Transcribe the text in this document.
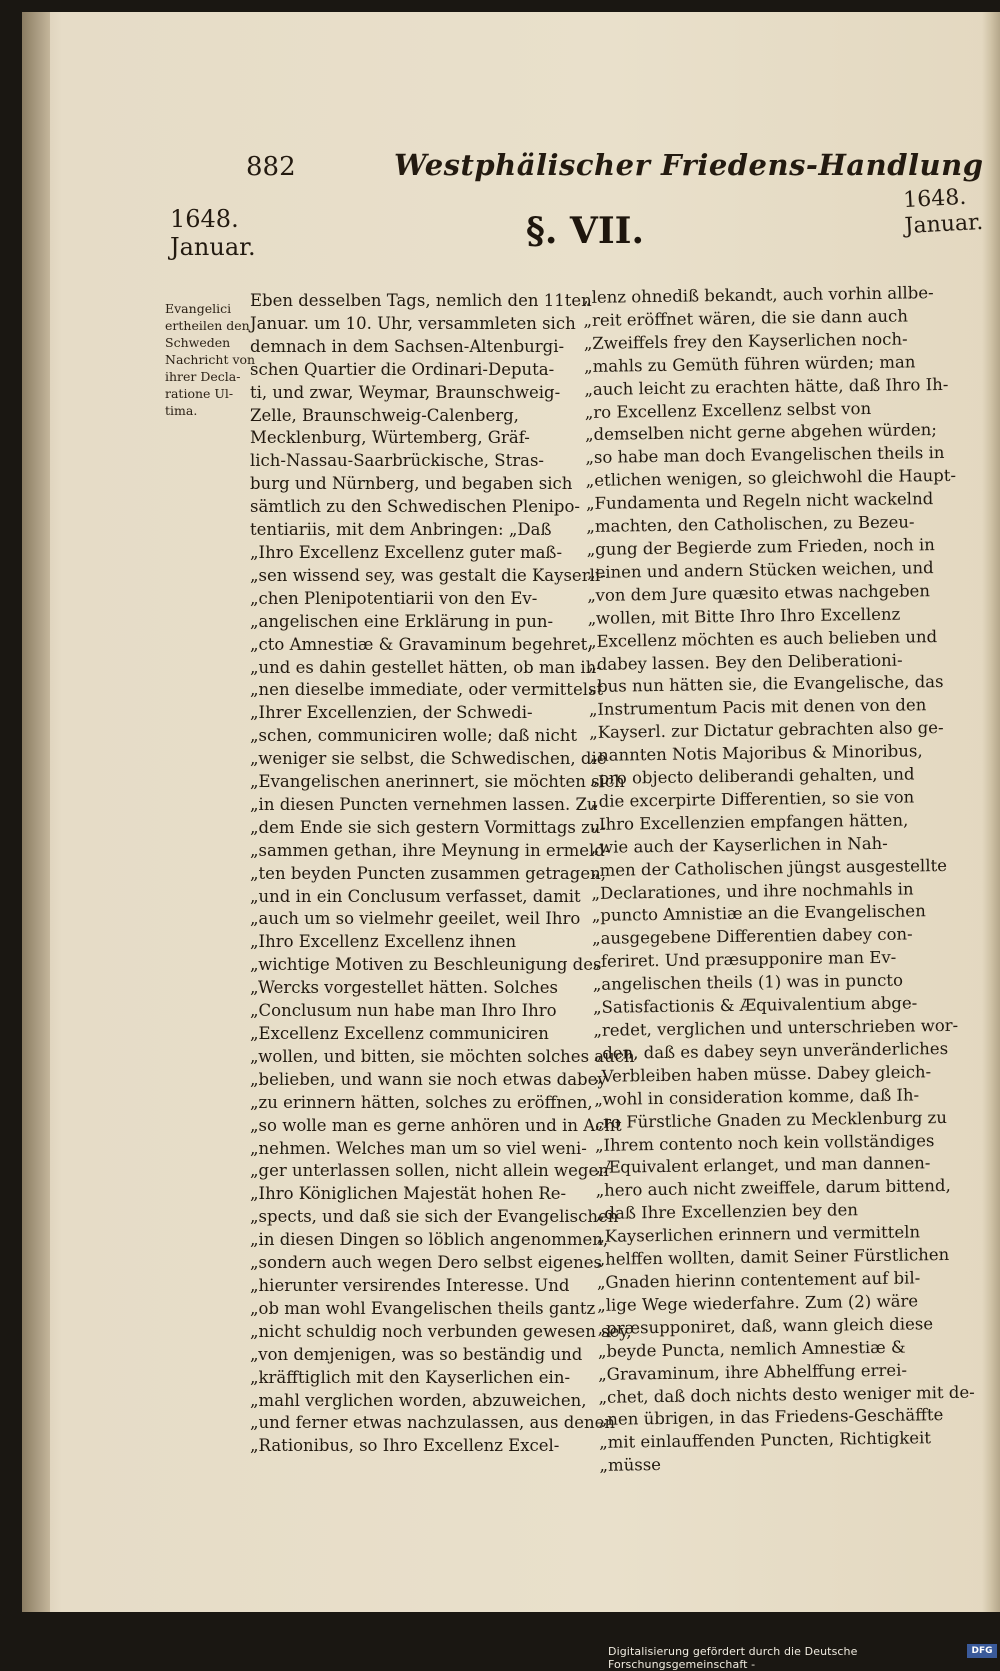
882	Westphälischer Friedens-Handlung
1648.
Januar.
1648.
Januar.
§. VII.
Evangelici
ertheilen den
Schweden
Nachricht von
ihrer Decla-
ratione Ul-
tima.
Eben desselben Tags, nemlich den 11ten
Januar. um 10. Uhr, versammleten sich
demnach in dem Sachsen-Altenburgi-
schen Quartier die Ordinari-Deputa-
ti, und zwar, Weymar, Braunschweig-
Zelle, Braunschweig-Calenberg,
Mecklenburg, Würtemberg, Gräf-
lich-Nassau-Saarbrückische, Stras-
burg und Nürnberg, und begaben sich
sämtlich zu den Schwedischen Plenipo-
tentiariis, mit dem Anbringen: „Daß
„Ihro Excellenz Excellenz guter maß-
„sen wissend sey, was gestalt die Kayserli-
„chen Plenipotentiarii von den Ev-
„angelischen eine Erklärung in pun-
„cto Amnestiæ & Gravaminum begehret,
„und es dahin gestellet hätten, ob man ih-
„nen dieselbe immediate, oder vermittelst
„Ihrer Excellenzien, der Schwedi-
„schen, communiciren wolle; daß nicht
„weniger sie selbst, die Schwedischen, die
„Evangelischen anerinnert, sie möchten sich
„in diesen Puncten vernehmen lassen. Zu
„dem Ende sie sich gestern Vormittags zu-
„sammen gethan, ihre Meynung in ermeld-
„ten beyden Puncten zusammen getragen,
„und in ein Conclusum verfasset, damit
„auch um so vielmehr geeilet, weil Ihro
„Ihro Excellenz Excellenz ihnen
„wichtige Motiven zu Beschleunigung des
„Wercks vorgestellet hätten. Solches
„Conclusum nun habe man Ihro Ihro
„Excellenz Excellenz communiciren
„wollen, und bitten, sie möchten solches auch
„belieben, und wann sie noch etwas dabey
„zu erinnern hätten, solches zu eröffnen,
„so wolle man es gerne anhören und in Acht
„nehmen. Welches man um so viel weni-
„ger unterlassen sollen, nicht allein wegen
„Ihro Königlichen Majestät hohen Re-
„spects, und daß sie sich der Evangelischen
„in diesen Dingen so löblich angenommen,
„sondern auch wegen Dero selbst eigenes
„hierunter versirendes Interesse. Und
„ob man wohl Evangelischen theils gantz
„nicht schuldig noch verbunden gewesen sey,
„von demjenigen, was so beständig und
„kräfftiglich mit den Kayserlichen ein-
„mahl verglichen worden, abzuweichen,
„und ferner etwas nachzulassen, aus denen
„Rationibus, so Ihro Excellenz Excel-
„lenz ohnediß bekandt, auch vorhin allbe-
„reit eröffnet wären, die sie dann auch
„Zweiffels frey den Kayserlichen noch-
„mahls zu Gemüth führen würden; man
„auch leicht zu erachten hätte, daß Ihro Ih-
„ro Excellenz Excellenz selbst von
„demselben nicht gerne abgehen würden;
„so habe man doch Evangelischen theils in
„etlichen wenigen, so gleichwohl die Haupt-
„Fundamenta und Regeln nicht wackelnd
„machten, den Catholischen, zu Bezeu-
„gung der Begierde zum Frieden, noch in
„einen und andern Stücken weichen, und
„von dem Jure quæsito etwas nachgeben
„wollen, mit Bitte Ihro Ihro Excellenz
„Excellenz möchten es auch belieben und
„dabey lassen. Bey den Deliberationi-
„bus nun hätten sie, die Evangelische, das
„Instrumentum Pacis mit denen von den
„Kayserl. zur Dictatur gebrachten also ge-
„nannten Notis Majoribus & Minoribus,
„pro objecto deliberandi gehalten, und
„die excerpirte Differentien, so sie von
„Ihro Excellenzien empfangen hätten,
„wie auch der Kayserlichen in Nah-
„men der Catholischen jüngst ausgestellte
„Declarationes, und ihre nochmahls in
„puncto Amnistiæ an die Evangelischen
„ausgegebene Differentien dabey con-
„feriret. Und præsupponire man Ev-
„angelischen theils (1) was in puncto
„Satisfactionis & Æquivalentium abge-
„redet, verglichen und unterschrieben wor-
„den, daß es dabey seyn unveränderliches
„Verbleiben haben müsse. Dabey gleich-
„wohl in consideration komme, daß Ih-
„ro Fürstliche Gnaden zu Mecklenburg zu
„Ihrem contento noch kein vollständiges
„Æquivalent erlanget, und man dannen-
„hero auch nicht zweiffele, darum bittend,
„daß Ihre Excellenzien bey den
„Kayserlichen erinnern und vermitteln
„helffen wollten, damit Seiner Fürstlichen
„Gnaden hierinn contentement auf bil-
„lige Wege wiederfahre. Zum (2) wäre
„præsupponiret, daß, wann gleich diese
„beyde Puncta, nemlich Amnestiæ &
„Gravaminum, ihre Abhelffung errei-
„chet, daß doch nichts desto weniger mit de-
„nen übrigen, in das Friedens-Geschäffte
„mit einlauffenden Puncten, Richtigkeit
„müsse
Digitalisierung gefördert durch die Deutsche Forschungsgemeinschaft -
DFG
